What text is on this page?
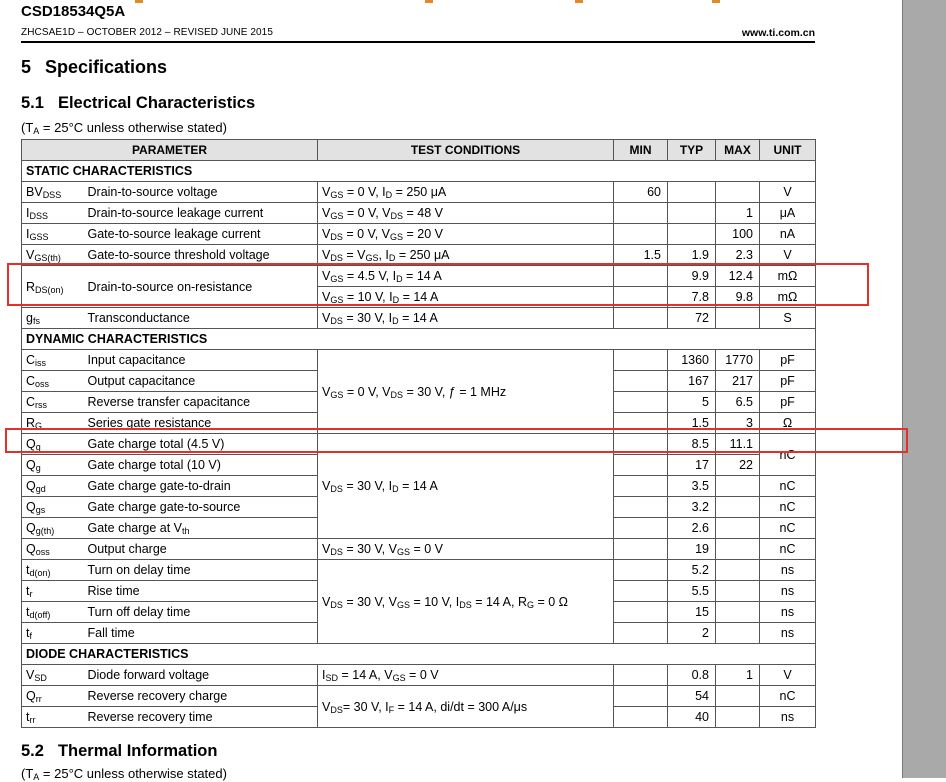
CSD18534Q5A
ZHCSAE1D – OCTOBER 2012 – REVISED JUNE 2015	www.ti.com.cn
5 Specifications
5.1 Electrical Characteristics
($T_A = 25^\circ C$ unless otherwise stated)
PARAMETER		TEST CONDITIONS	MIN	TYP	MAX	UNIT
STATIC CHARACTERISTICS						
$BV_{DSS}$	Drain-to-source voltage	$V_{GS} = 0$ V, $I_D = 250$ μA	60			V
$I_{DSS}$	Drain-to-source leakage current	$V_{GS} = 0$ V, $V_{DS} = 48$ V			1	μA
$I_{GSS}$	Gate-to-source leakage current	$V_{DS} = 0$ V, $V_{GS} = 20$ V			100	nA
$V_{GS(th)}$	Gate-to-source threshold voltage	$V_{DS} = V_{GS}$, $I_D = 250$ μA	1.5	1.9	2.3	V
$R_{DS(on)}$	Drain-to-source on-resistance	$V_{GS} = 4.5$ V, $I_D = 14$ A		9.9	12.4	mΩ
		$V_{GS} = 10$ V, $I_D = 14$ A		7.8	9.8	mΩ
$g_{fs}$	Transconductance	$V_{DS} = 30$ V, $I_D = 14$ A		72		S
DYNAMIC CHARACTERISTICS						
$C_{iss}$	Input capacitance	$V_{GS} = 0$ V, $V_{DS} = 30$ V, ƒ = 1 MHz		1360	1770	pF
$C_{oss}$	Output capacitance			167	217	pF
$C_{rss}$	Reverse transfer capacitance			5	6.5	pF
$R_G$	Series gate resistance			1.5	3	Ω
$Q_g$	Gate charge total (4.5 V)	$V_{DS} = 30$ V, $I_D = 14$ A		8.5	11.1	nC
$Q_g$	Gate charge total (10 V)			17	22	
$Q_{gd}$	Gate charge gate-to-drain			3.5		nC
$Q_{gs}$	Gate charge gate-to-source			3.2		nC
$Q_{g(th)}$	Gate charge at $V_{th}$			2.6		nC
$Q_{oss}$	Output charge	$V_{DS} = 30$ V, $V_{GS} = 0$ V		19		nC
$t_{d(on)}$	Turn on delay time	$V_{DS} = 30$ V, $V_{GS} = 10$ V, $I_{DS} = 14$ A, $R_G = 0$ Ω		5.2		ns
$t_r$	Rise time			5.5		ns
$t_{d(off)}$	Turn off delay time			15		ns
$t_f$	Fall time			2		ns
DIODE CHARACTERISTICS						
$V_{SD}$	Diode forward voltage	$I_{SD} = 14$ A, $V_{GS} = 0$ V		0.8	1	V
$Q_{rr}$	Reverse recovery charge	$V_{DS}= 30$ V, $I_F = 14$ A, di/dt = 300 A/μs		54		nC
$t_{rr}$	Reverse recovery time			40		ns
5.2 Thermal Information
($T_A = 25^\circ C$ unless otherwise stated)
